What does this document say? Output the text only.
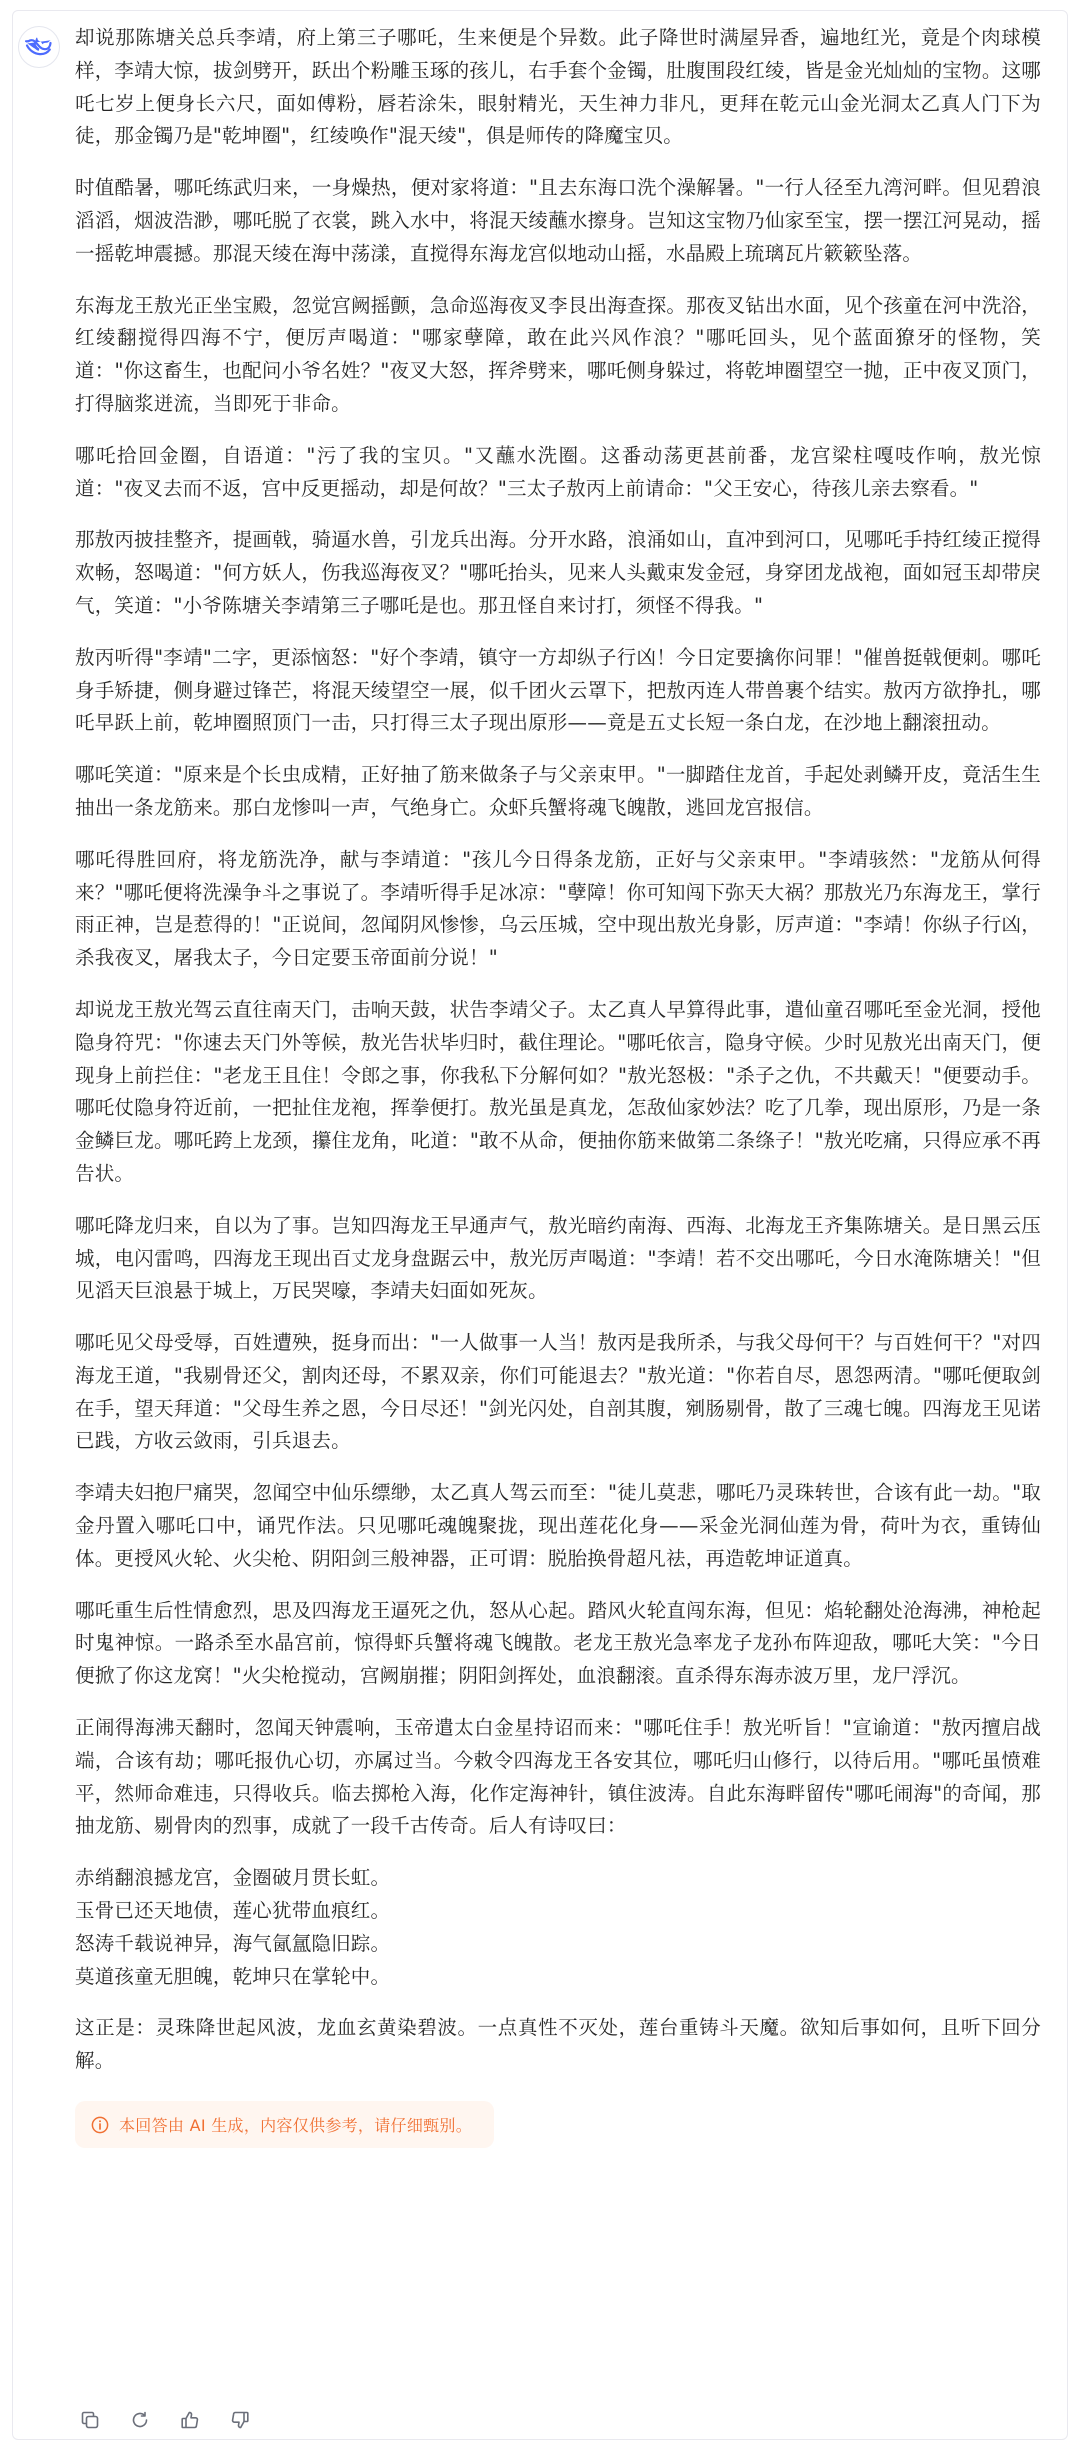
却说那陈塘关总兵李靖，府上第三子哪吒，生来便是个异数。此子降世时满屋异香，遍地红光，竟是个肉球模样，李靖大惊，拔剑劈开，跃出个粉雕玉琢的孩儿，右手套个金镯，肚腹围段红绫，皆是金光灿灿的宝物。这哪吒七岁上便身长六尺，面如傅粉，唇若涂朱，眼射精光，天生神力非凡，更拜在乾元山金光洞太乙真人门下为徒，那金镯乃是"乾坤圈"，红绫唤作"混天绫"，俱是师传的降魔宝贝。

时值酷暑，哪吒练武归来，一身燥热，便对家将道："且去东海口洗个澡解暑。"一行人径至九湾河畔。但见碧浪滔滔，烟波浩渺，哪吒脱了衣裳，跳入水中，将混天绫蘸水擦身。岂知这宝物乃仙家至宝，摆一摆江河晃动，摇一摇乾坤震撼。那混天绫在海中荡漾，直搅得东海龙宫似地动山摇，水晶殿上琉璃瓦片簌簌坠落。

东海龙王敖光正坐宝殿，忽觉宫阙摇颤，急命巡海夜叉李艮出海查探。那夜叉钻出水面，见个孩童在河中洗浴，红绫翻搅得四海不宁，便厉声喝道："哪家孽障，敢在此兴风作浪？"哪吒回头，见个蓝面獠牙的怪物，笑道："你这畜生，也配问小爷名姓？"夜叉大怒，挥斧劈来，哪吒侧身躲过，将乾坤圈望空一抛，正中夜叉顶门，打得脑浆迸流，当即死于非命。

哪吒拾回金圈，自语道："污了我的宝贝。"又蘸水洗圈。这番动荡更甚前番，龙宫梁柱嘎吱作响，敖光惊道："夜叉去而不返，宫中反更摇动，却是何故？"三太子敖丙上前请命："父王安心，待孩儿亲去察看。"

那敖丙披挂整齐，提画戟，骑逼水兽，引龙兵出海。分开水路，浪涌如山，直冲到河口，见哪吒手持红绫正搅得欢畅，怒喝道："何方妖人，伤我巡海夜叉？"哪吒抬头，见来人头戴束发金冠，身穿团龙战袍，面如冠玉却带戾气，笑道："小爷陈塘关李靖第三子哪吒是也。那丑怪自来讨打，须怪不得我。"

敖丙听得"李靖"二字，更添恼怒："好个李靖，镇守一方却纵子行凶！今日定要擒你问罪！"催兽挺戟便刺。哪吒身手矫捷，侧身避过锋芒，将混天绫望空一展，似千团火云罩下，把敖丙连人带兽裹个结实。敖丙方欲挣扎，哪吒早跃上前，乾坤圈照顶门一击，只打得三太子现出原形——竟是五丈长短一条白龙，在沙地上翻滚扭动。

哪吒笑道："原来是个长虫成精，正好抽了筋来做条子与父亲束甲。"一脚踏住龙首，手起处剥鳞开皮，竟活生生抽出一条龙筋来。那白龙惨叫一声，气绝身亡。众虾兵蟹将魂飞魄散，逃回龙宫报信。

哪吒得胜回府，将龙筋洗净，献与李靖道："孩儿今日得条龙筋，正好与父亲束甲。"李靖骇然："龙筋从何得来？"哪吒便将洗澡争斗之事说了。李靖听得手足冰凉："孽障！你可知闯下弥天大祸？那敖光乃东海龙王，掌行雨正神，岂是惹得的！"正说间，忽闻阴风惨惨，乌云压城，空中现出敖光身影，厉声道："李靖！你纵子行凶，杀我夜叉，屠我太子，今日定要玉帝面前分说！"

却说龙王敖光驾云直往南天门，击响天鼓，状告李靖父子。太乙真人早算得此事，遣仙童召哪吒至金光洞，授他隐身符咒："你速去天门外等候，敖光告状毕归时，截住理论。"哪吒依言，隐身守候。少时见敖光出南天门，便现身上前拦住："老龙王且住！令郎之事，你我私下分解何如？"敖光怒极："杀子之仇，不共戴天！"便要动手。哪吒仗隐身符近前，一把扯住龙袍，挥拳便打。敖光虽是真龙，怎敌仙家妙法？吃了几拳，现出原形，乃是一条金鳞巨龙。哪吒跨上龙颈，攥住龙角，叱道："敢不从命，便抽你筋来做第二条绦子！"敖光吃痛，只得应承不再告状。

哪吒降龙归来，自以为了事。岂知四海龙王早通声气，敖光暗约南海、西海、北海龙王齐集陈塘关。是日黑云压城，电闪雷鸣，四海龙王现出百丈龙身盘踞云中，敖光厉声喝道："李靖！若不交出哪吒，今日水淹陈塘关！"但见滔天巨浪悬于城上，万民哭嚎，李靖夫妇面如死灰。

哪吒见父母受辱，百姓遭殃，挺身而出："一人做事一人当！敖丙是我所杀，与我父母何干？与百姓何干？"对四海龙王道，"我剔骨还父，割肉还母，不累双亲，你们可能退去？"敖光道："你若自尽，恩怨两清。"哪吒便取剑在手，望天拜道："父母生养之恩，今日尽还！"剑光闪处，自剖其腹，剜肠剔骨，散了三魂七魄。四海龙王见诺已践，方收云敛雨，引兵退去。

李靖夫妇抱尸痛哭，忽闻空中仙乐缥缈，太乙真人驾云而至："徒儿莫悲，哪吒乃灵珠转世，合该有此一劫。"取金丹置入哪吒口中，诵咒作法。只见哪吒魂魄聚拢，现出莲花化身——采金光洞仙莲为骨，荷叶为衣，重铸仙体。更授风火轮、火尖枪、阴阳剑三般神器，正可谓：脱胎换骨超凡祛，再造乾坤证道真。

哪吒重生后性情愈烈，思及四海龙王逼死之仇，怒从心起。踏风火轮直闯东海，但见：焰轮翻处沧海沸，神枪起时鬼神惊。一路杀至水晶宫前，惊得虾兵蟹将魂飞魄散。老龙王敖光急率龙子龙孙布阵迎敌，哪吒大笑："今日便掀了你这龙窝！"火尖枪搅动，宫阙崩摧；阴阳剑挥处，血浪翻滚。直杀得东海赤波万里，龙尸浮沉。

正闹得海沸天翻时，忽闻天钟震响，玉帝遣太白金星持诏而来："哪吒住手！敖光听旨！"宣谕道："敖丙擅启战端，合该有劫；哪吒报仇心切，亦属过当。今敕令四海龙王各安其位，哪吒归山修行，以待后用。"哪吒虽愤难平，然师命难违，只得收兵。临去掷枪入海，化作定海神针，镇住波涛。自此东海畔留传"哪吒闹海"的奇闻，那抽龙筋、剔骨肉的烈事，成就了一段千古传奇。后人有诗叹曰：

赤绡翻浪撼龙宫，金圈破月贯长虹。
玉骨已还天地债，莲心犹带血痕红。
怒涛千载说神异，海气氤氲隐旧踪。
莫道孩童无胆魄，乾坤只在掌轮中。

这正是：灵珠降世起风波，龙血玄黄染碧波。一点真性不灭处，莲台重铸斗天魔。欲知后事如何，且听下回分解。

本回答由 AI 生成，内容仅供参考，请仔细甄别。
